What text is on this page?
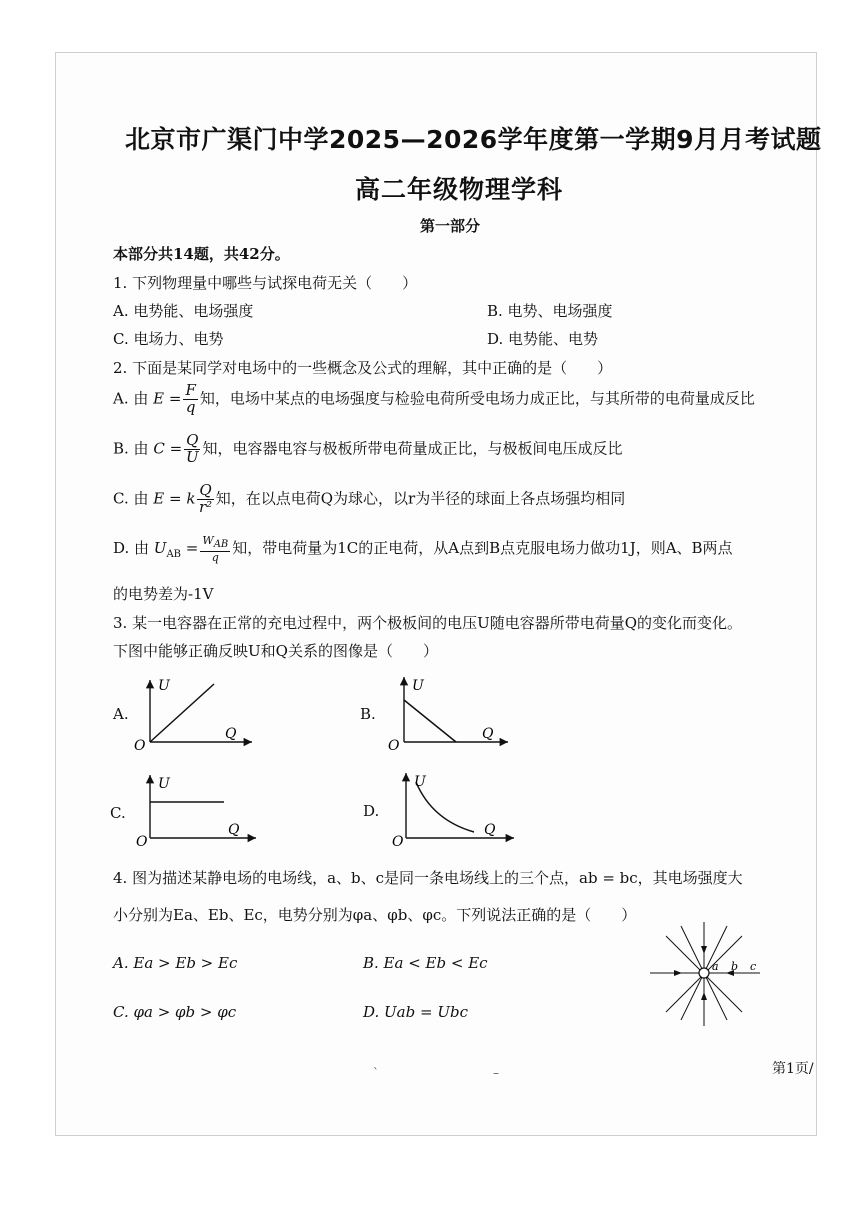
北京市广渠门中学2025—2026学年度第一学期9月月考试题
高二年级物理学科
第一部分
本部分共14题，共42分。
1. 下列物理量中哪些与试探电荷无关（　　）
A. 电势能、电场强度	B. 电势、电场强度
C. 电场力、电势	D. 电势能、电势
2. 下面是某同学对电场中的一些概念及公式的理解，其中正确的是（　　）
A. 由 $E = \frac{F}{q}$ 知，电场中某点的电场强度与检验电荷所受电场力成正比，与其所带的电荷量成反比
B. 由 $C = \frac{Q}{U}$ 知，电容器电容与极板所带电荷量成正比，与极板间电压成反比
C. 由 E = k $\frac{Q}{\text{r²}}$ 知，在以点电荷Q为球心，以r为半径的球面上各点场强均相同
D. 由 $U_{AB} = \frac{W_{AB}}{q}$ 知，带电荷量为1C的正电荷，从A点到B点克服电场力做功1J，则A、B两点
的电势差为-1V
3. 某一电容器在正常的充电过程中，两个极板间的电压U随电容器所带电荷量Q的变化而变化。
下图中能够正确反映U和Q关系的图像是（　　）
A.
U
O
Q
B.
U
O
Q
C.
U
O
Q
D.
U
O
Q
4. 图为描述某静电场的电场线，a、b、c是同一条电场线上的三个点，ab = bc，其电场强度大
小分别为Ea、Eb、Ec，电势分别为φa、φb、φc。下列说法正确的是（　　）
A. Ea > Eb > Ec	B. Ea < Eb < Ec
C. φa > φb > φc	D. Uab = Ubc
a b c
第1页/
ˋ	–
